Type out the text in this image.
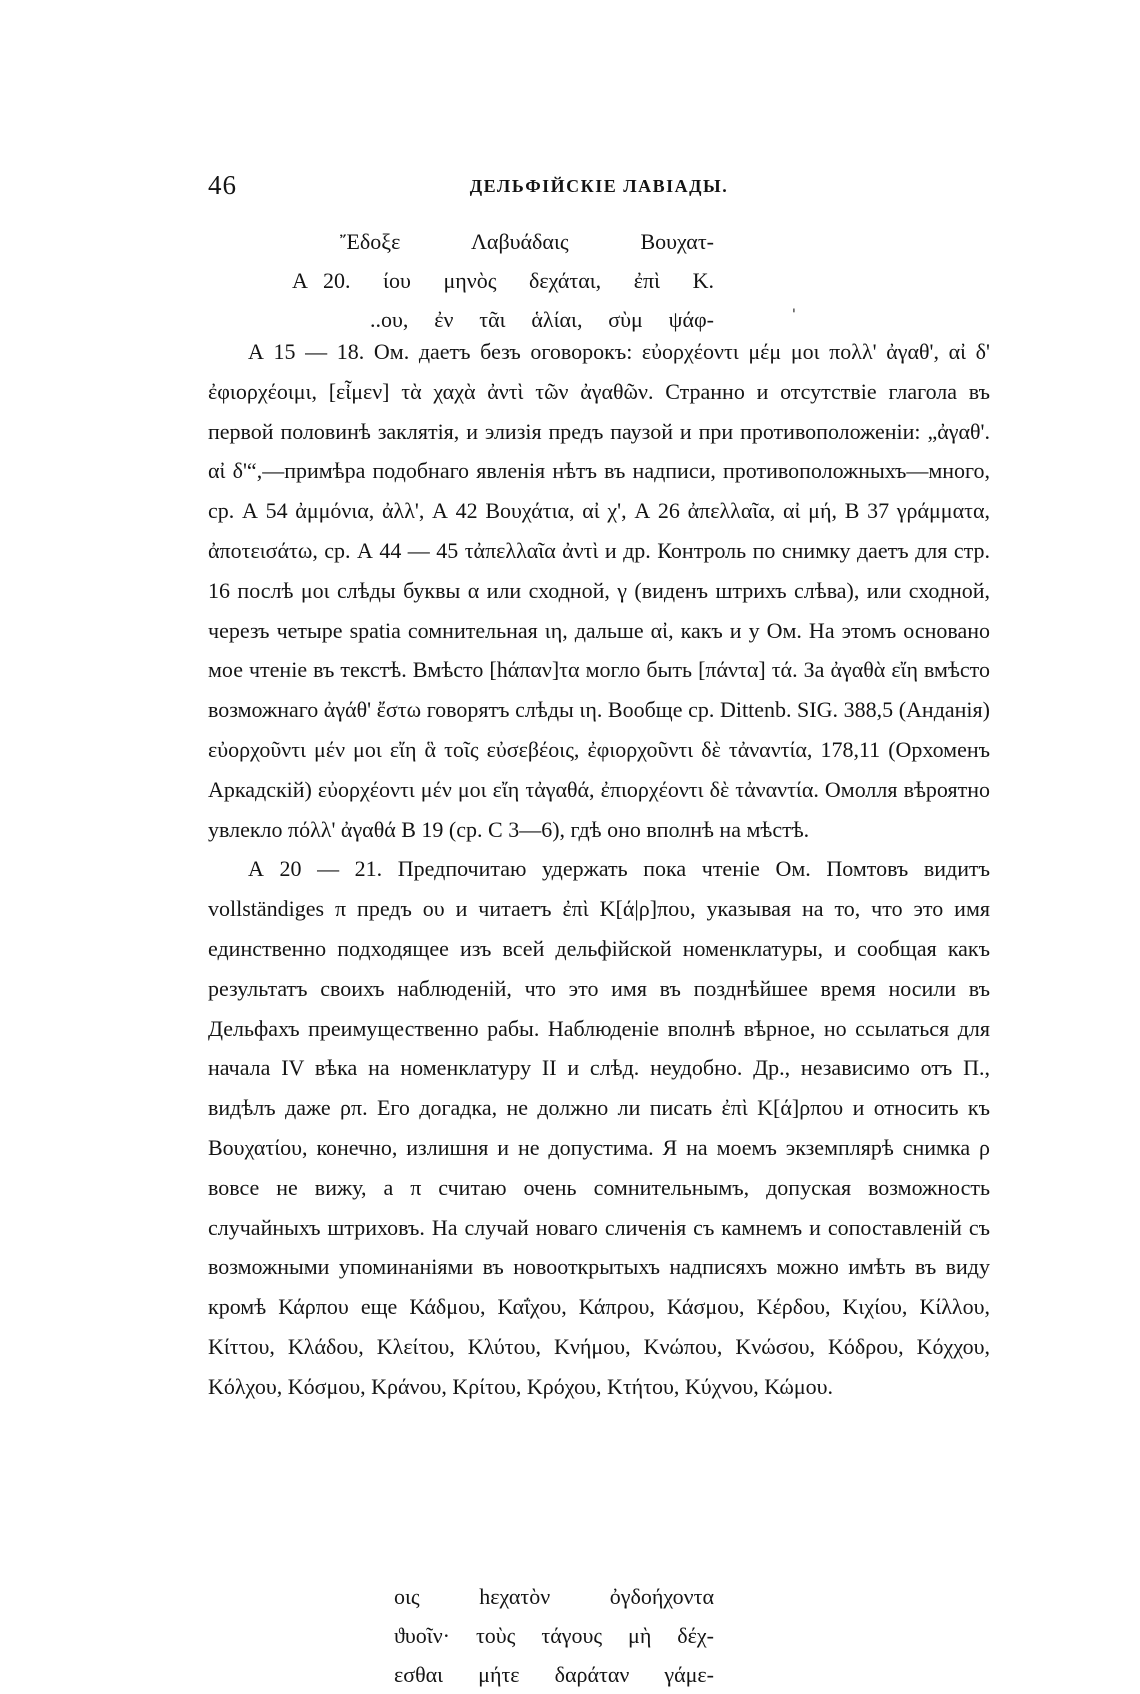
46	ДЕЛЬФІЙСКІЕ ЛАВІАДЫ.
Ἔδοξε   Λαβυάδαις   Βουχατ-
A 20.  ίου  μηνὸς  δεχάται,  ἐπὶ  Κ.
..ου,  ἐν  τᾶι  ἁλίαι,  σὺμ  ψάφ-	'

А 15 — 18. Ом. даетъ безъ оговорокъ: εὐορχέοντι μέμ μοι πολλ' ἀγαθ', αἰ δ' ἐφιορχέοιμι, [εἶμεν] τὰ χαχὰ ἀντὶ τῶν ἀγαθῶν. Странно и отсутствіе глагола въ первой половинѣ заклятія, и элизія предъ паузой и при противоположеніи: „ἀγαθ'. αἰ δ'“,—примѣра подобнаго явленія нѣтъ въ надписи, противоположныхъ—много, ср. А 54 ἀμμόνια, ἀλλ', А 42 Βουχάτια, αἰ χ', А 26 ἀπελλαῖα, αἰ μή, В 37 γράμματα, ἀποτεισάτω, ср. А 44 — 45 τἀπελλαῖα ἀντὶ и др. Контроль по снимку даетъ для стр. 16 послѣ μοι слѣды буквы α или сходной, γ (виденъ штрихъ слѣва), или сходной, черезъ четыре spatia сомнительная ιη, дальше αἰ, какъ и у Ом. На этомъ основано мое чтеніе въ текстѣ. Вмѣсто [hάπαν]τα могло быть [πάντα] τά. За ἀγαθὰ εἴη вмѣсто возможнаго ἀγάθ' ἔστω говорятъ слѣды ιη. Вообще ср. Dittenb. SIG. 388,5 (Андaнія) εὐορχοῦντι μέν μοι εἴη ἃ τοῖς εὐσεβέοις, ἐφιορχοῦντι δὲ τἀναντία, 178,11 (Орхоменъ Аркадскій) εὐορχέοντι μέν μοι εἴη τἀγαθά, ἐπιορχέοντι δὲ τἀναντία. Омолля вѣроятно увлекло πόλλ' ἀγαθά В 19 (ср. С 3—6), гдѣ оно вполнѣ на мѣстѣ.

А 20 — 21. Предпочитаю удержать пока чтеніе Ом. Помтовъ видитъ vollständiges π предъ ου и читаетъ ἐπὶ Κ[ά|ρ]που, указывая на то, что это имя единственно подходящее изъ всей дельфійской номенклатуры, и сообщая какъ результатъ своихъ наблюденій, что это имя въ позднѣйшее время носили въ Дельфахъ преимущественно рабы. Наблюденіе вполнѣ вѣрное, но ссылаться для начала IV вѣка на номенклатуру II и слѣд. неудобно. Др., независимо отъ П., видѣлъ даже ρπ. Его догадка, не должно ли писать ἐπὶ Κ[ά]ρπου и относить къ Βουχατίου, конечно, излишня и не допустима. Я на моемъ экземплярѣ снимка ρ вовсе не вижу, а π считаю очень сомнительнымъ, допуская возможность случайныхъ штриховъ. На случай новаго сличенія съ камнемъ и сопоставленій съ возможными упоминаніями въ новооткрытыхъ надписяхъ можно имѣть въ виду кромѣ Κάρπου еще Κάδμου, Καΐχου, Κάπρου, Κάσμου, Κέρδου, Κιχίου, Κίλλου, Κίττου, Κλάδου, Κλείτου, Κλύτου, Κνήμου, Κνώπου, Κνώσου, Κόδρου, Κόχχου, Κόλχου, Κόσμου, Κράνου, Κρίτου, Κρόχου, Κτήτου, Κύχνου, Κώμου.

οις   hεχατὸν   ὀγδοήχοντα
ϑυοῖν·  τοὺς  τάγους  μὴ  δέχ-
εσθαι  μήτε  δαράταν  γάμε-
